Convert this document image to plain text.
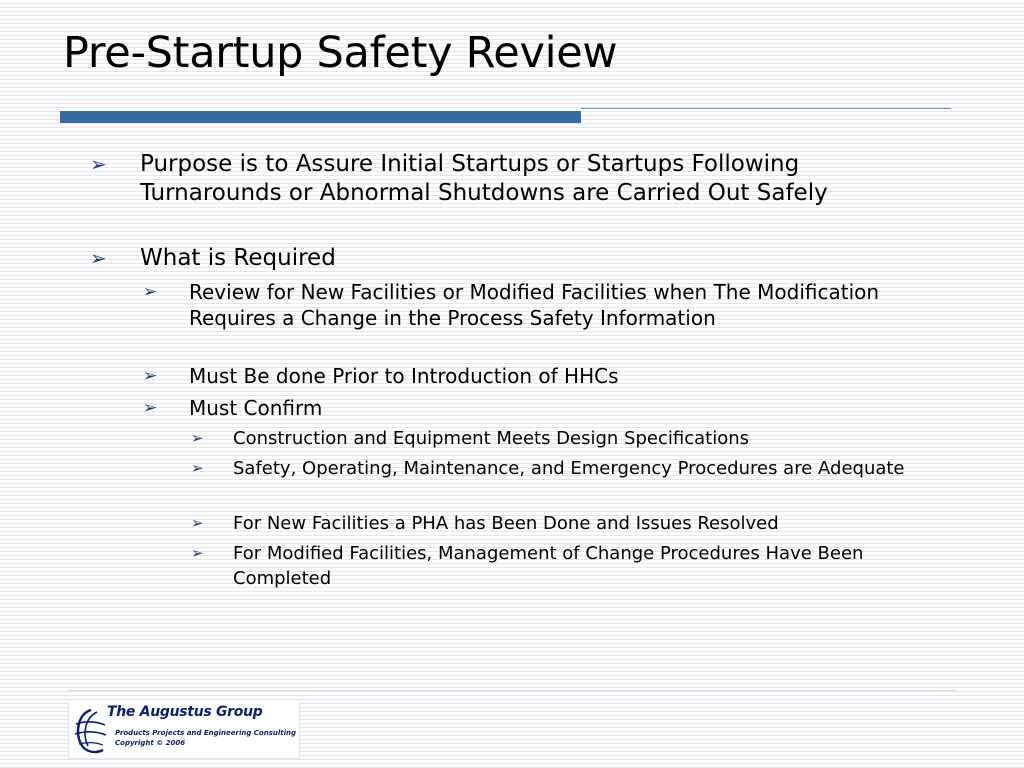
Pre-Startup Safety Review
➢ Purpose is to Assure Initial Startups or Startups Following Turnarounds or Abnormal Shutdowns are Carried Out Safely
➢ What is Required
➢ Review for New Facilities or Modified Facilities when The Modification Requires a Change in the Process Safety Information
➢ Must Be done Prior to Introduction of HHCs
➢ Must Confirm
➢ Construction and Equipment Meets Design Specifications
➢ Safety, Operating, Maintenance, and Emergency Procedures are Adequate
➢ For New Facilities a PHA has Been Done and Issues Resolved
➢ For Modified Facilities, Management of Change Procedures Have Been Completed
The Augustus Group
Products Projects and Engineering Consulting
Copyright © 2006
